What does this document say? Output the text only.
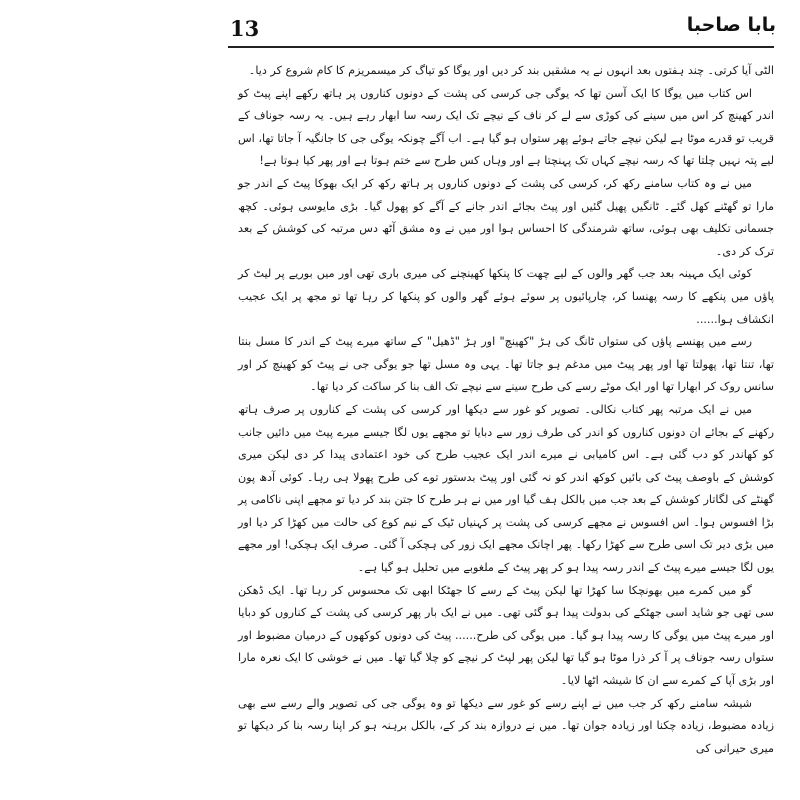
13	بابا صاحبا

الٹی آیا کرتی۔ چند ہفتوں بعد انہوں نے یہ مشقیں بند کر دیں اور یوگا کو تیاگ کر میسمریزم کا کام شروع کر دیا۔

اس کتاب میں یوگا کا ایک آسن تھا کہ یوگی جی کرسی کی پشت کے دونوں کناروں پر ہاتھ رکھے اپنے پیٹ کو اندر کھینچ کر اس میں سینے کی کوڑی سے لے کر ناف کے نیچے تک ایک رسہ سا ابھار رہے ہیں۔ یہ رسہ جوناف کے قریب تو قدرے موٹا ہے لیکن نیچے جاتے ہوئے پھر ستواں ہو گیا ہے۔ اب آگے چونکہ یوگی جی کا جانگیہ آ جاتا تھا، اس لیے پتہ نہیں چلتا تھا کہ رسہ نیچے کہاں تک پہنچتا ہے اور وہاں کس طرح سے ختم ہوتا ہے اور پھر کیا ہوتا ہے!

میں نے وہ کتاب سامنے رکھ کر، کرسی کی پشت کے دونوں کناروں پر ہاتھ رکھ کر ایک بھوکا پیٹ کے اندر جو مارا تو گھٹنے کھل گئے۔ ٹانگیں پھیل گئیں اور پیٹ بجائے اندر جانے کے آگے کو پھول گیا۔ بڑی مایوسی ہوئی۔ کچھ جسمانی تکلیف بھی ہوئی، ساتھ شرمندگی کا احساس ہوا اور میں نے وہ مشق آٹھ دس مرتبہ کی کوشش کے بعد ترک کر دی۔

کوئی ایک مہینہ بعد جب گھر والوں کے لیے چھت کا پنکھا کھینچنے کی میری باری تھی اور میں بوریے پر لیٹ کر پاؤں میں پنکھے کا رسہ پھنسا کر، چارپائیوں پر سوئے ہوئے گھر والوں کو پنکھا کر رہا تھا تو مجھ پر ایک عجیب انکشاف ہوا......

رسے میں پھنسے پاؤں کی ستواں ٹانگ کی ہڑ "کھینچ" اور ہڑ "ڈھیل" کے ساتھ میرے پیٹ کے اندر کا مسل بنتا تھا، تنتا تھا، پھولتا تھا اور پھر پیٹ میں مدغم ہو جاتا تھا۔ یہی وہ مسل تھا جو یوگی جی نے پیٹ کو کھینچ کر اور سانس روک کر ابھارا تھا اور ایک موٹے رسے کی طرح سینے سے نیچے تک الف بنا کر ساکت کر دیا تھا۔

میں نے ایک مرتبہ پھر کتاب نکالی۔ تصویر کو غور سے دیکھا اور کرسی کی پشت کے کناروں پر صرف ہاتھ رکھنے کے بجائے ان دونوں کناروں کو اندر کی طرف زور سے دبایا تو مجھے یوں لگا جیسے میرے پیٹ میں دائیں جانب کو کھاندر کو دب گئی ہے۔ اس کامیابی نے میرے اندر ایک عجیب طرح کی خود اعتمادی پیدا کر دی لیکن میری کوشش کے باوصف پیٹ کی بائیں کوکھ اندر کو نہ گئی اور پیٹ بدستور توے کی طرح پھولا ہی رہا۔ کوئی آدھ پون گھنٹے کی لگاتار کوشش کے بعد جب میں بالکل ہف گیا اور میں نے ہر طرح کا جتن بند کر دیا تو مجھے اپنی ناکامی پر بڑا افسوس ہوا۔ اس افسوس نے مجھے کرسی کی پشت پر کہنیاں ٹیک کے نیم کوع کی حالت میں کھڑا کر دیا اور میں بڑی دیر تک اسی طرح سے کھڑا رکھا۔ پھر اچانک مجھے ایک زور کی ہچکی آ گئی۔ صرف ایک ہچکی! اور مجھے یوں لگا جیسے میرے پیٹ کے اندر رسہ پیدا ہو کر پھر پیٹ کے ملغوبے میں تحلیل ہو گیا ہے۔

گو میں کمرے میں بھونچکا سا کھڑا تھا لیکن پیٹ کے رسے کا جھٹکا ابھی تک محسوس کر رہا تھا۔ ایک ڈھکن سی تھی جو شاید اسی جھٹکے کی بدولت پیدا ہو گئی تھی۔ میں نے ایک بار پھر کرسی کی پشت کے کناروں کو دبایا اور میرے پیٹ میں یوگی کا رسہ پیدا ہو گیا۔ میں یوگی کی طرح...... پیٹ کی دونوں کوکھوں کے درمیان مضبوط اور ستواں رسہ جوناف پر آ کر ذرا موٹا ہو گیا تھا لیکن پھر لپٹ کر نیچے کو چلا گیا تھا۔ میں نے خوشی کا ایک نعرہ مارا اور بڑی آپا کے کمرے سے ان کا شیشہ اٹھا لایا۔

شیشہ سامنے رکھ کر جب میں نے اپنے رسے کو غور سے دیکھا تو وہ یوگی جی کی تصویر والے رسے سے بھی زیادہ مضبوط، زیادہ چکنا اور زیادہ جوان تھا۔ میں نے دروازہ بند کر کے، بالکل برہنہ ہو کر اپنا رسہ بنا کر دیکھا تو میری حیرانی کی
